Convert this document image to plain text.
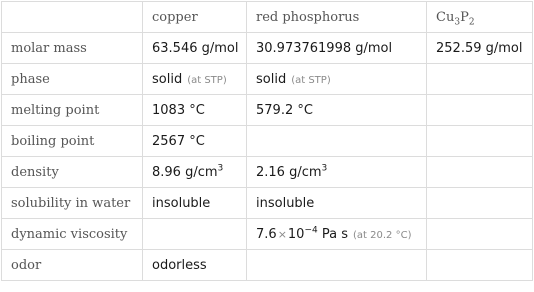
	copper	red phosphorus	$Cu_3P_2$
molar mass	63.546 g/mol	30.973761998 g/mol	252.59 g/mol
phase	solid (at STP)	solid (at STP)	
melting point	1083 °C	579.2 °C	
boiling point	2567 °C		
density	8.96 $g/cm^3$	2.16 $g/cm^3$	
solubility in water	insoluble	insoluble	
dynamic viscosity		$7.6\times 10^{-4}$ Pa s (at 20.2 °C)	
odor	odorless		
